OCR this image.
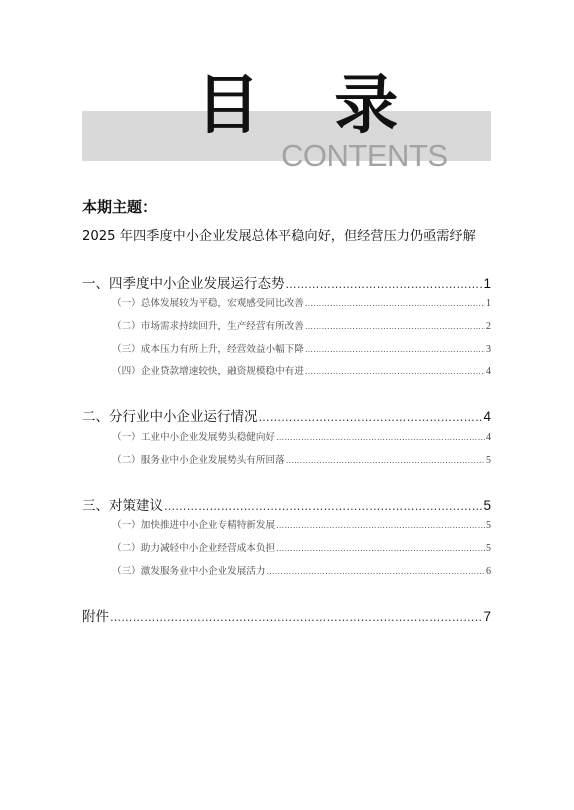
目 录
CONTENTS
本期主题：
2025 年四季度中小企业发展总体平稳向好，但经营压力仍亟需纾解
一、四季度中小企业发展运行态势 ……………………………………………………………………………………………………………………………………………………………………………………	1
（一）总体发展较为平稳，宏观感受同比改善 ……………………………………………………………………………………………………………………………………………………………………………………	1
（二）市场需求持续回升，生产经营有所改善 ……………………………………………………………………………………………………………………………………………………………………………………	2
（三）成本压力有所上升，经营效益小幅下降 ……………………………………………………………………………………………………………………………………………………………………………………	3
（四）企业贷款增速较快，融资规模稳中有进 ……………………………………………………………………………………………………………………………………………………………………………………	4
二、分行业中小企业运行情况 ……………………………………………………………………………………………………………………………………………………………………………………	4
（一）工业中小企业发展势头稳健向好 ……………………………………………………………………………………………………………………………………………………………………………………	4
（二）服务业中小企业发展势头有所回落 ……………………………………………………………………………………………………………………………………………………………………………………	5
三、对策建议 ……………………………………………………………………………………………………………………………………………………………………………………	5
（一）加快推进中小企业专精特新发展 ……………………………………………………………………………………………………………………………………………………………………………………	5
（二）助力减轻中小企业经营成本负担 ……………………………………………………………………………………………………………………………………………………………………………………	5
（三）激发服务业中小企业发展活力 ……………………………………………………………………………………………………………………………………………………………………………………	6
附件 ……………………………………………………………………………………………………………………………………………………………………………………	7
